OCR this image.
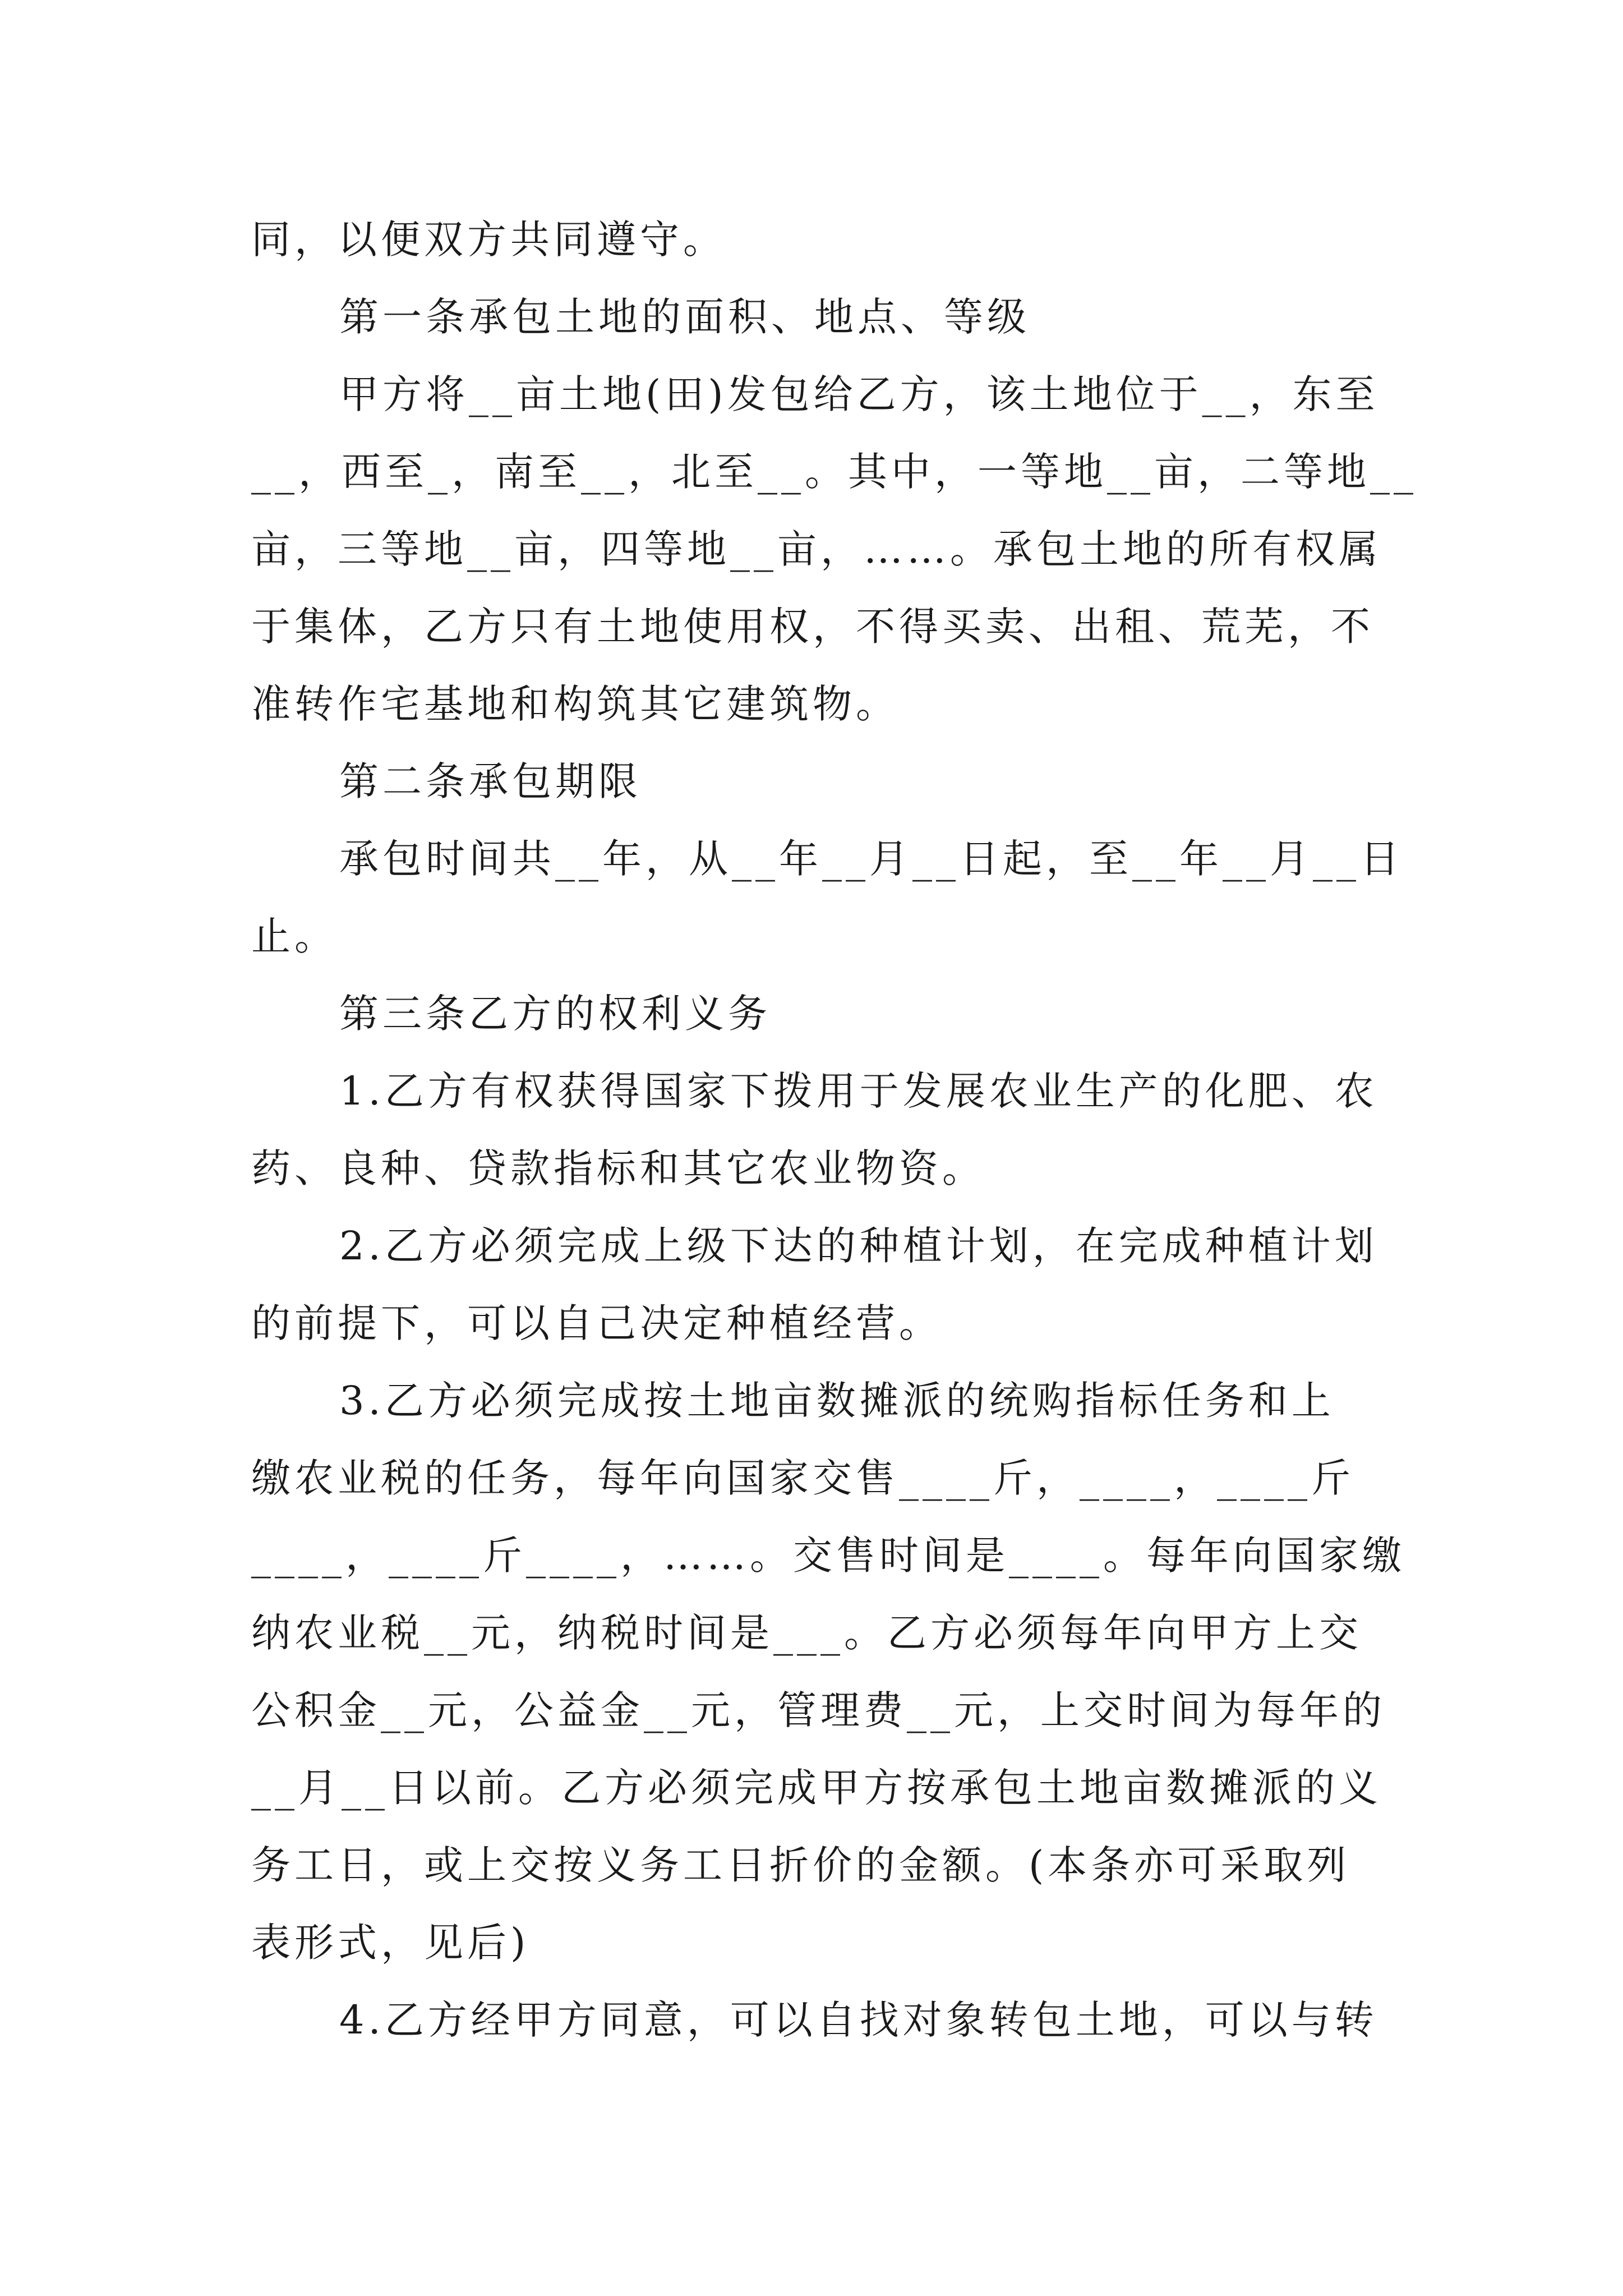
同，以便双方共同遵守。
第一条承包土地的面积、地点、等级
甲方将__亩土地(田)发包给乙方，该土地位于__，东至
__，西至_，南至__，北至__。其中，一等地__亩，二等地__
亩，三等地__亩，四等地__亩，……。承包土地的所有权属
于集体，乙方只有土地使用权，不得买卖、出租、荒芜，不
准转作宅基地和构筑其它建筑物。
第二条承包期限
承包时间共__年，从__年__月__日起，至__年__月__日
止。
第三条乙方的权利义务
1.乙方有权获得国家下拨用于发展农业生产的化肥、农
药、良种、贷款指标和其它农业物资。
2.乙方必须完成上级下达的种植计划，在完成种植计划
的前提下，可以自己决定种植经营。
3.乙方必须完成按土地亩数摊派的统购指标任务和上
缴农业税的任务，每年向国家交售____斤，____，____斤
____，____斤____，……。交售时间是____。每年向国家缴
纳农业税__元，纳税时间是___。乙方必须每年向甲方上交
公积金__元，公益金__元，管理费__元，上交时间为每年的
__月__日以前。乙方必须完成甲方按承包土地亩数摊派的义
务工日，或上交按义务工日折价的金额。(本条亦可采取列
表形式，见后)
4.乙方经甲方同意，可以自找对象转包土地，可以与转
